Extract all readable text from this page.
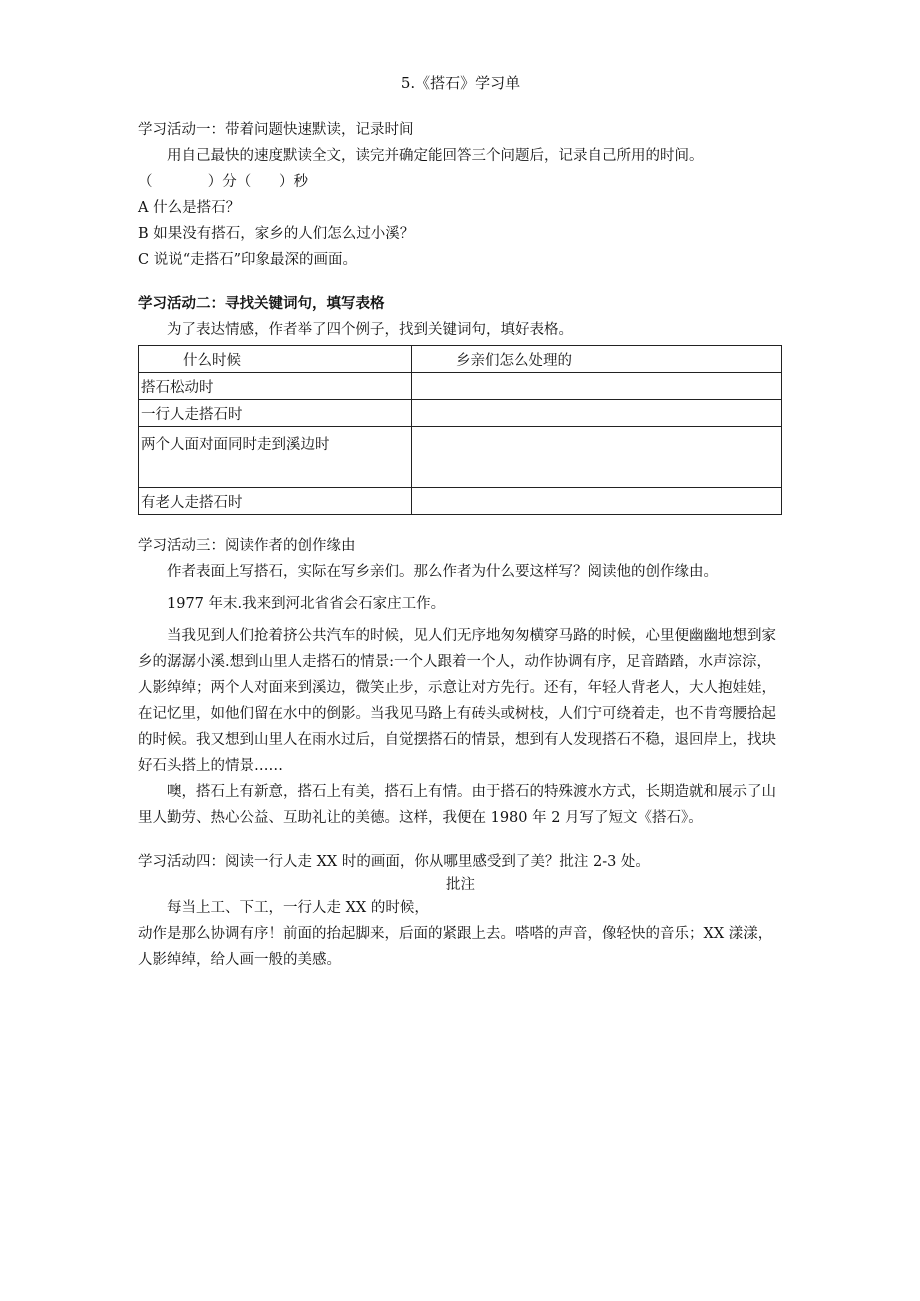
5.《搭石》学习单

学习活动一：带着问题快速默读，记录时间

用自己最快的速度默读全文，读完并确定能回答三个问题后，记录自己所用的时间。

（            ）分（      ）秒

A 什么是搭石？

B 如果没有搭石，家乡的人们怎么过小溪？

C 说说“走搭石”印象最深的画面。

学习活动二：寻找关键词句，填写表格

为了表达情感，作者举了四个例子，找到关键词句，填好表格。

什么时候	乡亲们怎么处理的
搭石松动时	
一行人走搭石时	
两个人面对面同时走到溪边时	
有老人走搭石时	

学习活动三：阅读作者的创作缘由

作者表面上写搭石，实际在写乡亲们。那么作者为什么要这样写？阅读他的创作缘由。

1977 年末.我来到河北省省会石家庄工作。

当我见到人们抢着挤公共汽车的时候，见人们无序地匆匆横穿马路的时候，心里便幽幽地想到家乡的潺潺小溪.想到山里人走搭石的情景:一个人跟着一个人，动作协调有序，足音踏踏，水声淙淙，人影绰绰；两个人对面来到溪边，微笑止步，示意让对方先行。还有，年轻人背老人，大人抱娃娃，在记忆里，如他们留在水中的倒影。当我见马路上有砖头或树枝，人们宁可绕着走，也不肯弯腰拾起的时候。我又想到山里人在雨水过后，自觉摆搭石的情景，想到有人发现搭石不稳，退回岸上，找块好石头搭上的情景……

噢，搭石上有新意，搭石上有美，搭石上有情。由于搭石的特殊渡水方式，长期造就和展示了山里人勤劳、热心公益、互助礼让的美德。这样，我便在 1980 年 2 月写了短文《搭石》。

学习活动四：阅读一行人走 XX 时的画面，你从哪里感受到了美？批注 2-3 处。

批注

每当上工、下工，一行人走 XX 的时候，

动作是那么协调有序！前面的抬起脚来，后面的紧跟上去。嗒嗒的声音，像轻快的音乐；XX 漾漾，人影绰绰，给人画一般的美感。
